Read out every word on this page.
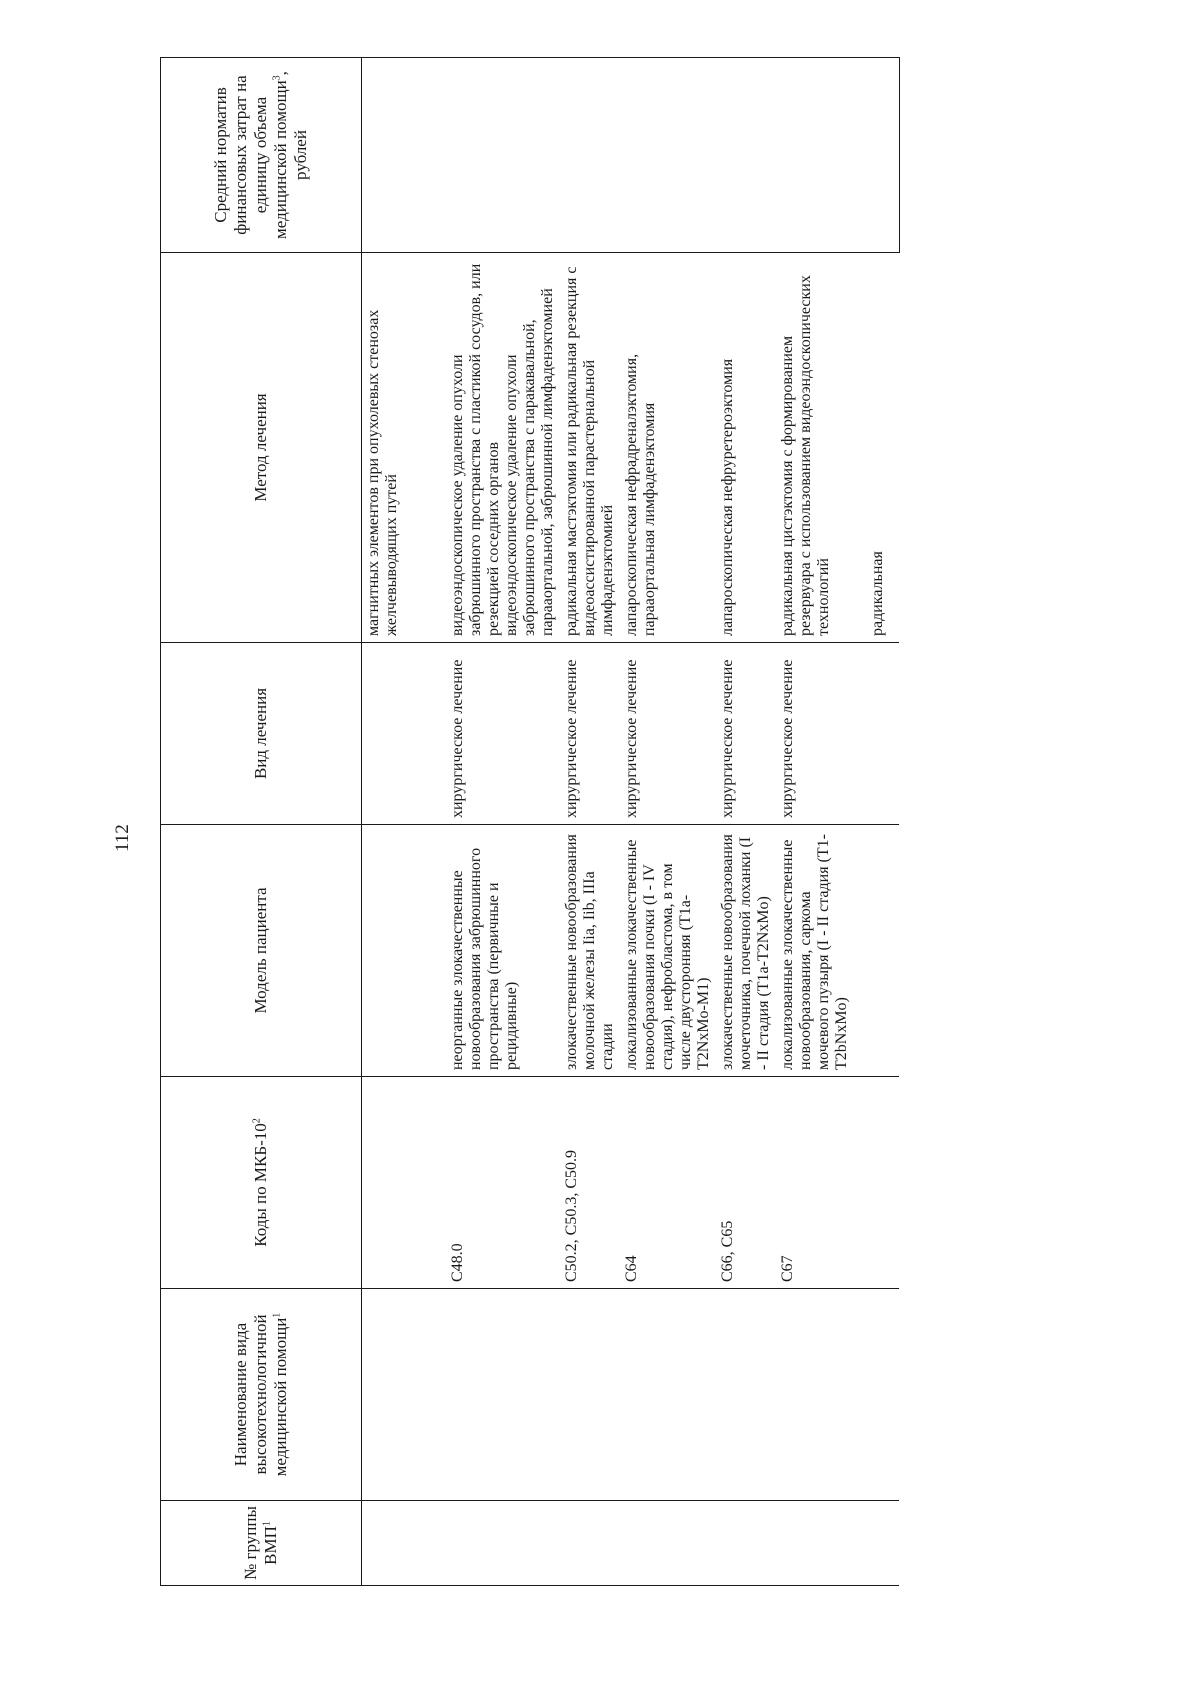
112
№ группы ВМП$^1$	Наименование вида высокотехнологичной медицинской помощи$^1$	Коды по МКБ-$10^2$	Модель пациента	Вид лечения	Метод лечения	Средний норматив финансовых затрат на единицу объема медицинской помощи$^3$, рублей

					магнитных элементов при опухолевых стенозах желчевыводящих путей	

		C48.0	неорганные злокачественные новообразования забрюшинного пространства (первичные и рецидивные)	хирургическое лечение	видеоэндоскопическое удаление опухоли забрюшинного пространства с пластикой сосудов, или резекцией соседних органов видеоэндоскопическое удаление опухоли забрюшинного пространства с паракавальной, парааортальной, забрюшинной лимфаденэктомией	

		C50.2, C50.3, C50.9	злокачественные новообразования молочной железы Iia, Iib, IIIa стадии	хирургическое лечение	радикальная мастэктомия или радикальная резекция с видеоассистированной парастернальной лимфаденэктомией	

		C64	локализованные злокачественные новообразования почки (I - IV стадия), нефробластома, в том числе двусторонняя (T1a-T2NxMo-M1)	хирургическое лечение	лапароскопическая нефрадреналэктомия, парааортальная лимфаденэктомия	

		C66, C65	злокачественные новообразования мочеточника, почечной лоханки (I - II стадия (T1a-T2NxMo)	хирургическое лечение	лапароскопическая нефруретероэктомия	

		C67	локализованные злокачественные новообразования, саркома мочевого пузыря (I - II стадия (T1-T2bNxMo)	хирургическое лечение	радикальная цистэктомия с формированием резервуара с использованием видеоэндоскопических технологий радикальная	
